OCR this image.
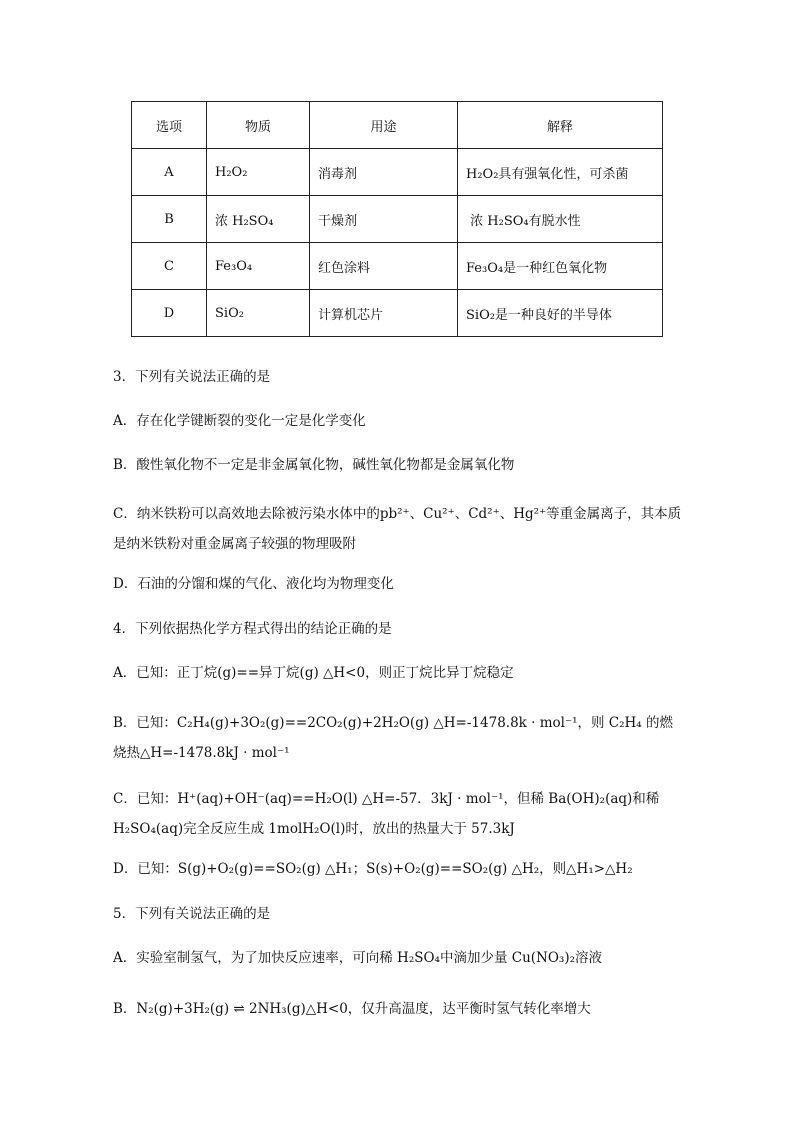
选项	物质	用途	解释
A	H₂O₂	消毒剂	H₂O₂具有强氧化性，可杀菌
B	浓 H₂SO₄	干燥剂	浓 H₂SO₄有脱水性
C	Fe₃O₄	红色涂料	Fe₃O₄是一种红色氧化物
D	SiO₂	计算机芯片	SiO₂是一种良好的半导体
3．下列有关说法正确的是
A．存在化学键断裂的变化一定是化学变化
B．酸性氧化物不一定是非金属氧化物，碱性氧化物都是金属氧化物
C．纳米铁粉可以高效地去除被污染水体中的pb²⁺、Cu²⁺、Cd²⁺、Hg²⁺等重金属离子，其本质是纳米铁粉对重金属离子较强的物理吸附
D．石油的分馏和煤的气化、液化均为物理变化
4．下列依据热化学方程式得出的结论正确的是
A．已知：正丁烷(g)==异丁烷(g) △H<0，则正丁烷比异丁烷稳定
B．已知：C₂H₄(g)+3O₂(g)==2CO₂(g)+2H₂O(g) △H=-1478.8k · mol⁻¹，则 C₂H₄ 的燃烧热△H=-1478.8kJ · mol⁻¹
C．已知：H⁺(aq)+OH⁻(aq)==H₂O(l) △H=-57．3kJ · mol⁻¹，但稀 Ba(OH)₂(aq)和稀 H₂SO₄(aq)完全反应生成 1molH₂O(l)时，放出的热量大于 57.3kJ
D．已知：S(g)+O₂(g)==SO₂(g) △H₁；S(s)+O₂(g)==SO₂(g) △H₂，则△H₁>△H₂
5．下列有关说法正确的是
A．实验室制氢气，为了加快反应速率，可向稀 H₂SO₄中滴加少量 Cu(NO₃)₂溶液
B．N₂(g)+3H₂(g) ⇌ 2NH₃(g)△H<0，仅升高温度，达平衡时氢气转化率增大
